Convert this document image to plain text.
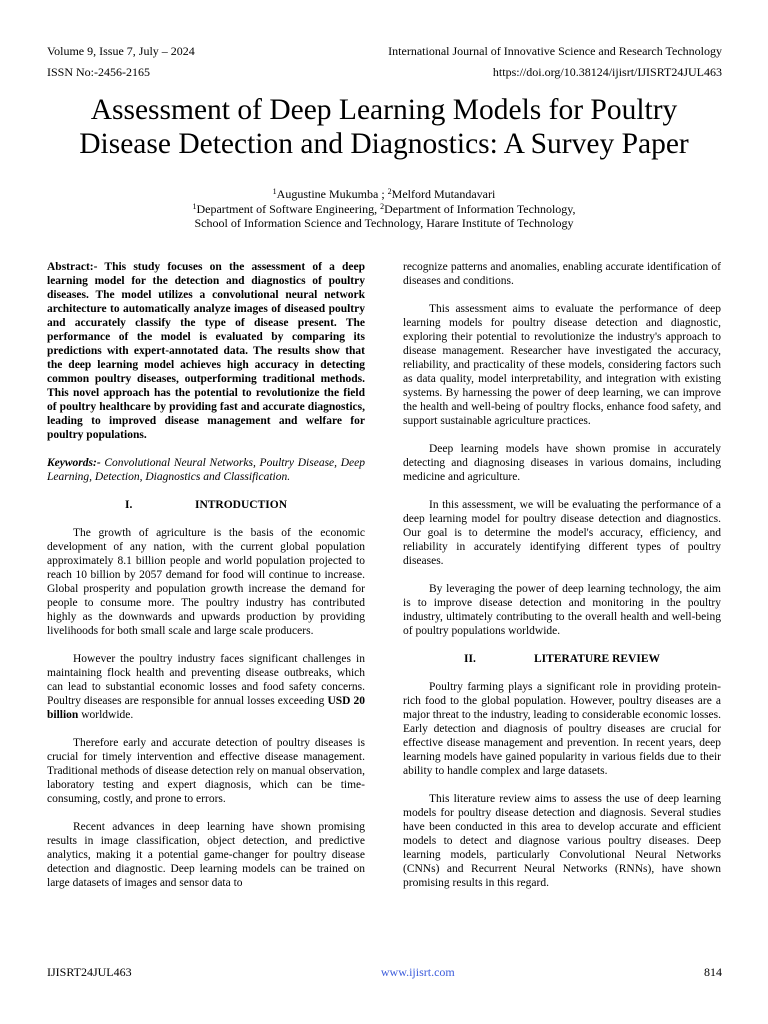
Volume 9, Issue 7, July – 2024	International Journal of Innovative Science and Research Technology
ISSN No:-2456-2165	https://doi.org/10.38124/ijisrt/IJISRT24JUL463
Assessment of Deep Learning Models for Poultry
Disease Detection and Diagnostics: A Survey Paper
$^1$Augustine Mukumba ; $^2$Melford Mutandavari
$^1$Department of Software Engineering, $^2$Department of Information Technology,
School of Information Science and Technology, Harare Institute of Technology

Abstract:- This study focuses on the assessment of a deep learning model for the detection and diagnostics of poultry diseases. The model utilizes a convolutional neural network architecture to automatically analyze images of diseased poultry and accurately classify the type of disease present. The performance of the model is evaluated by comparing its predictions with expert-annotated data. The results show that the deep learning model achieves high accuracy in detecting common poultry diseases, outperforming traditional methods. This novel approach has the potential to revolutionize the field of poultry healthcare by providing fast and accurate diagnostics, leading to improved disease management and welfare for poultry populations.

Keywords:- Convolutional Neural Networks, Poultry Disease, Deep Learning, Detection, Diagnostics and Classification.

I.	INTRODUCTION

The growth of agriculture is the basis of the economic development of any nation, with the current global population approximately 8.1 billion people and world population projected to reach 10 billion by 2057 demand for food will continue to increase. Global prosperity and population growth increase the demand for people to consume more. The poultry industry has contributed highly as the downwards and upwards production by providing livelihoods for both small scale and large scale producers.

However the poultry industry faces significant challenges in maintaining flock health and preventing disease outbreaks, which can lead to substantial economic losses and food safety concerns. Poultry diseases are responsible for annual losses exceeding USD 20 billion worldwide.

Therefore early and accurate detection of poultry diseases is crucial for timely intervention and effective disease management. Traditional methods of disease detection rely on manual observation, laboratory testing and expert diagnosis, which can be time-consuming, costly, and prone to errors.

Recent advances in deep learning have shown promising results in image classification, object detection, and predictive analytics, making it a potential game-changer for poultry disease detection and diagnostic. Deep learning models can be trained on large datasets of images and sensor data to

recognize patterns and anomalies, enabling accurate identification of diseases and conditions.

This assessment aims to evaluate the performance of deep learning models for poultry disease detection and diagnostic, exploring their potential to revolutionize the industry's approach to disease management. Researcher have investigated the accuracy, reliability, and practicality of these models, considering factors such as data quality, model interpretability, and integration with existing systems. By harnessing the power of deep learning, we can improve the health and well-being of poultry flocks, enhance food safety, and support sustainable agriculture practices.

Deep learning models have shown promise in accurately detecting and diagnosing diseases in various domains, including medicine and agriculture.

In this assessment, we will be evaluating the performance of a deep learning model for poultry disease detection and diagnostics. Our goal is to determine the model's accuracy, efficiency, and reliability in accurately identifying different types of poultry diseases.

By leveraging the power of deep learning technology, the aim is to improve disease detection and monitoring in the poultry industry, ultimately contributing to the overall health and well-being of poultry populations worldwide.

II.	LITERATURE REVIEW

Poultry farming plays a significant role in providing protein-rich food to the global population. However, poultry diseases are a major threat to the industry, leading to considerable economic losses. Early detection and diagnosis of poultry diseases are crucial for effective disease management and prevention. In recent years, deep learning models have gained popularity in various fields due to their ability to handle complex and large datasets.

This literature review aims to assess the use of deep learning models for poultry disease detection and diagnosis. Several studies have been conducted in this area to develop accurate and efficient models to detect and diagnose various poultry diseases. Deep learning models, particularly Convolutional Neural Networks (CNNs) and Recurrent Neural Networks (RNNs), have shown promising results in this regard.

IJISRT24JUL463	www.ijisrt.com	814
